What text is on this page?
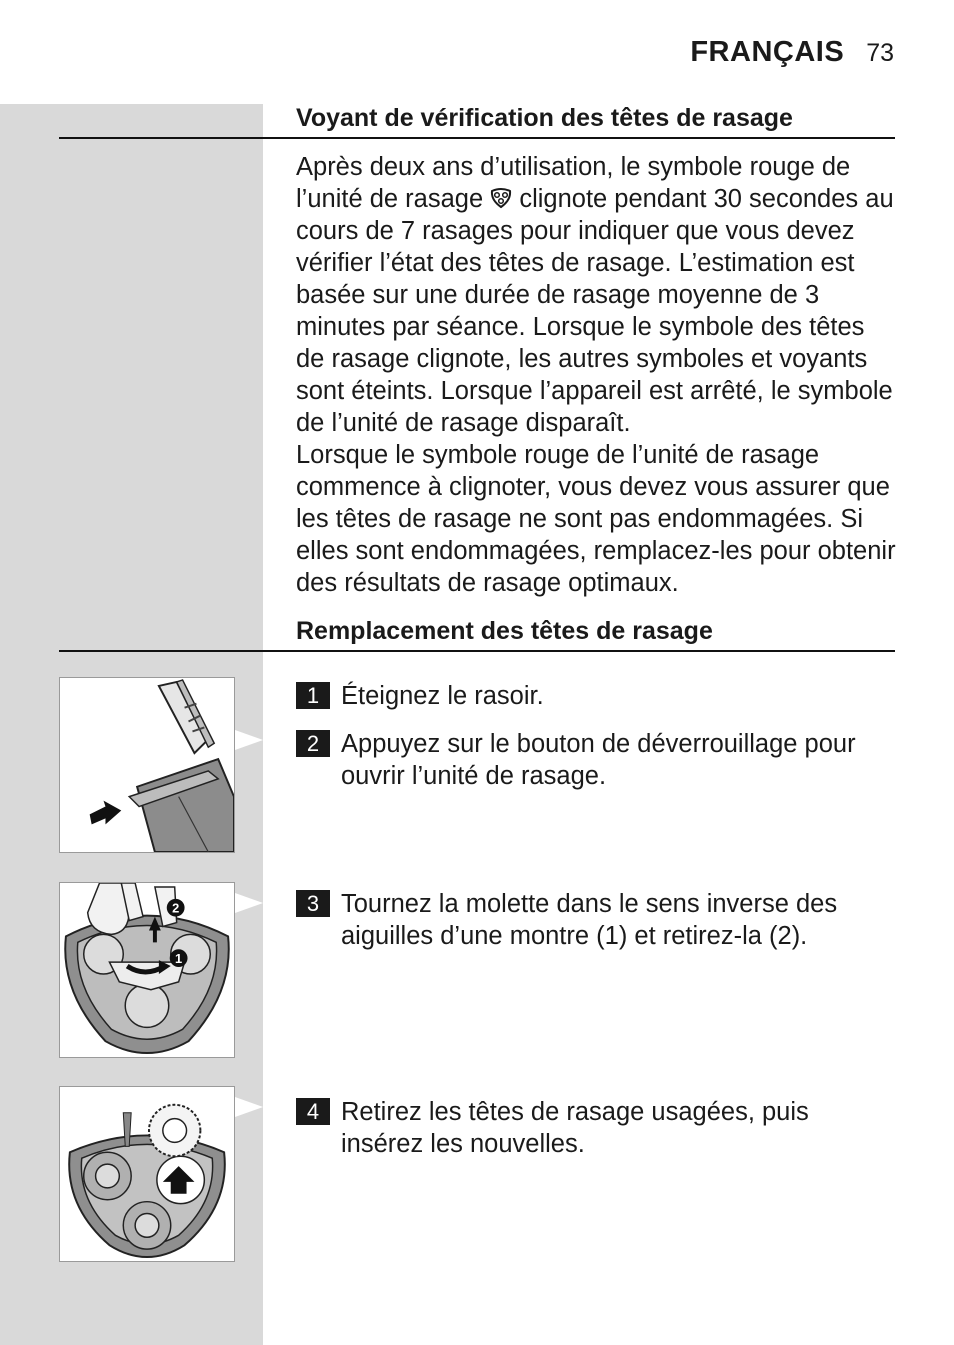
FRANÇAIS 73
Voyant de vérification des têtes de rasage

Après deux ans d’utilisation, le symbole rouge de l’unité de rasage clignote pendant 30 secondes au cours de 7 rasages pour indiquer que vous devez vérifier l’état des têtes de rasage. L’estimation est basée sur une durée de rasage moyenne de 3 minutes par séance. Lorsque le symbole des têtes de rasage clignote, les autres symboles et voyants sont éteints. Lorsque l’appareil est arrêté, le symbole de l’unité de rasage disparaît.

Lorsque le symbole rouge de l’unité de rasage commence à clignoter, vous devez vous assurer que les têtes de rasage ne sont pas endommagées. Si elles sont endommagées, remplacez-les pour obtenir des résultats de rasage optimaux.

Remplacement des têtes de rasage
1 Éteignez le rasoir.
2 Appuyez sur le bouton de déverrouillage pour ouvrir l’unité de rasage.
3 Tournez la molette dans le sens inverse des aiguilles d’une montre (1) et retirez-la (2).
4 Retirez les têtes de rasage usagées, puis insérez les nouvelles.
2
1
